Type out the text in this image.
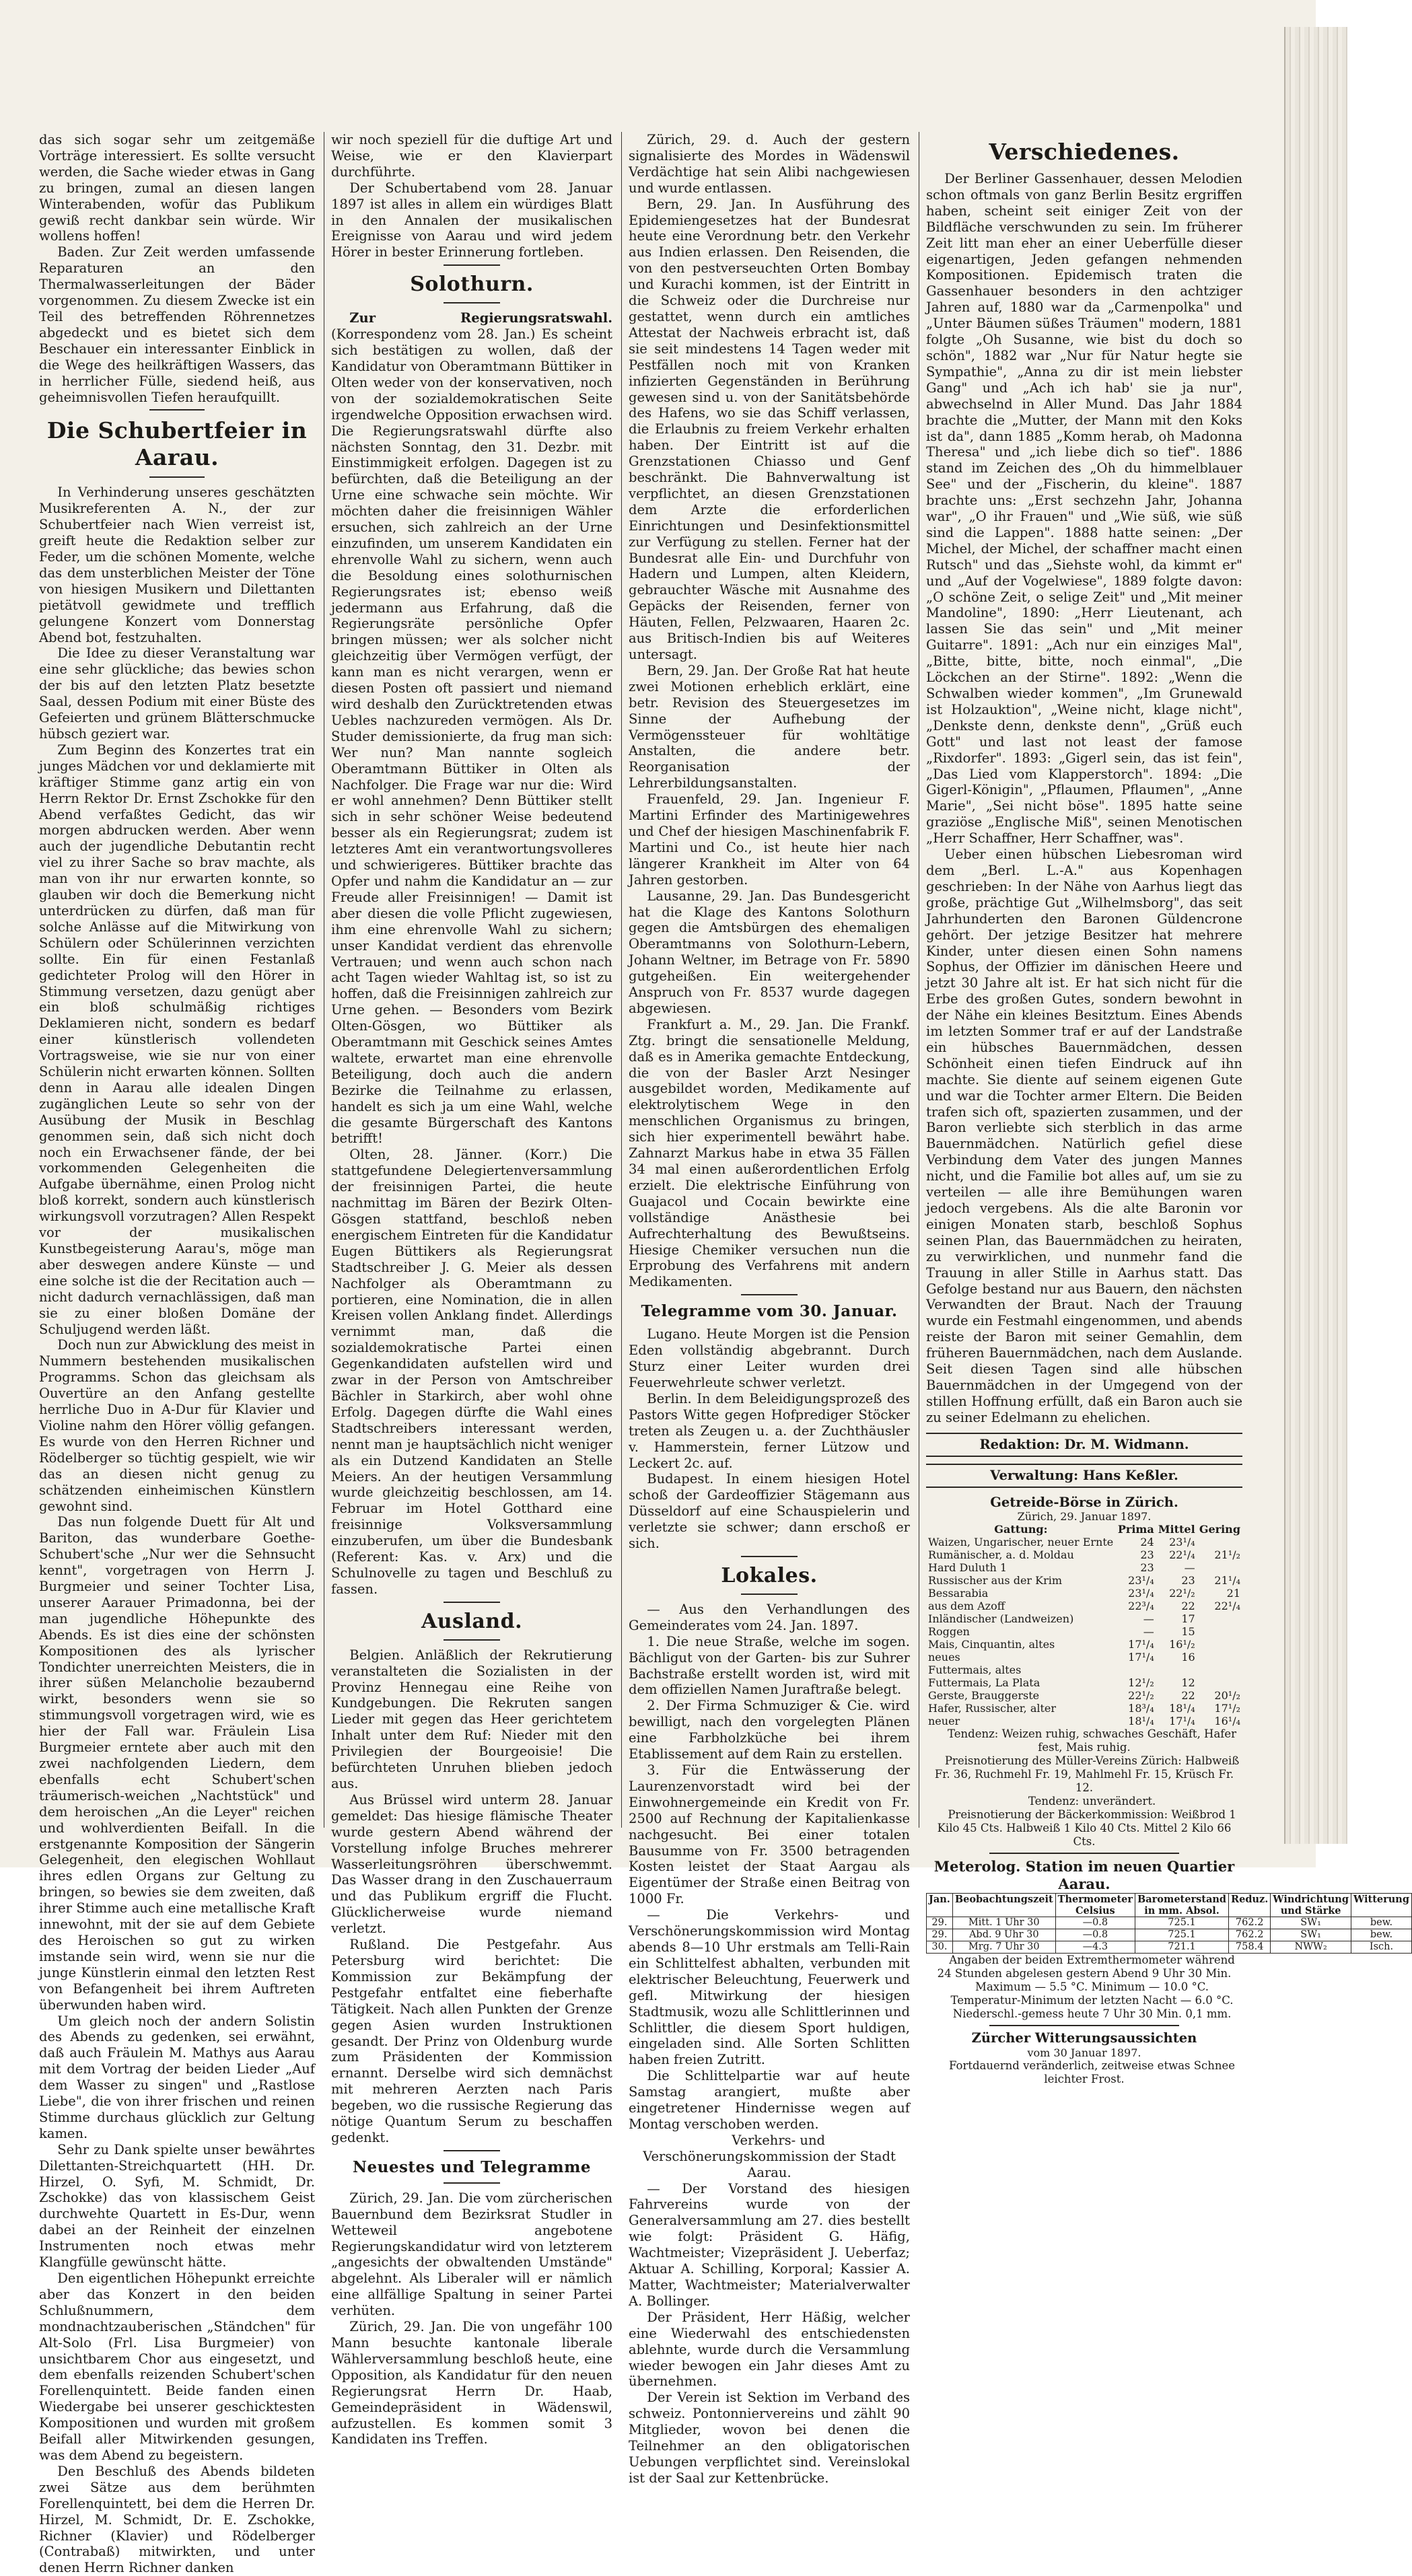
das sich sogar sehr um zeitgemäße Vorträge interessiert. Es sollte versucht werden, die Sache wieder etwas in Gang zu bringen, zumal an diesen langen Winterabenden, wofür das Publikum gewiß recht dankbar sein würde. Wir wollens hoffen!

Baden. Zur Zeit werden umfassende Reparaturen an den Thermalwasserleitungen der Bäder vorgenommen. Zu diesem Zwecke ist ein Teil des betreffenden Röhrennetzes abgedeckt und es bietet sich dem Beschauer ein interessanter Einblick in die Wege des heilkräftigen Wassers, das in herrlicher Fülle, siedend heiß, aus geheimnisvollen Tiefen heraufquillt.

Die Schubertfeier in Aarau.

In Verhinderung unseres geschätzten Musikreferenten A. N., der zur Schubertfeier nach Wien verreist ist, greift heute die Redaktion selber zur Feder, um die schönen Momente, welche das dem unsterblichen Meister der Töne von hiesigen Musikern und Dilettanten pietätvoll gewidmete und trefflich gelungene Konzert vom Donnerstag Abend bot, festzuhalten.

Die Idee zu dieser Veranstaltung war eine sehr glückliche; das bewies schon der bis auf den letzten Platz besetzte Saal, dessen Podium mit einer Büste des Gefeierten und grünem Blätterschmucke hübsch geziert war.

Zum Beginn des Konzertes trat ein junges Mädchen vor und deklamierte mit kräftiger Stimme ganz artig ein von Herrn Rektor Dr. Ernst Zschokke für den Abend verfaßtes Gedicht, das wir morgen abdrucken werden. Aber wenn auch der jugendliche Debutantin recht viel zu ihrer Sache so brav machte, als man von ihr nur erwarten konnte, so glauben wir doch die Bemerkung nicht unterdrücken zu dürfen, daß man für solche Anlässe auf die Mitwirkung von Schülern oder Schülerinnen verzichten sollte. Ein für einen Festanlaß gedichteter Prolog will den Hörer in Stimmung versetzen, dazu genügt aber ein bloß schulmäßig richtiges Deklamieren nicht, sondern es bedarf einer künstlerisch vollendeten Vortragsweise, wie sie nur von einer Schülerin nicht erwarten können. Sollten denn in Aarau alle idealen Dingen zugänglichen Leute so sehr von der Ausübung der Musik in Beschlag genommen sein, daß sich nicht doch noch ein Erwachsener fände, der bei vorkommenden Gelegenheiten die Aufgabe übernähme, einen Prolog nicht bloß korrekt, sondern auch künstlerisch wirkungsvoll vorzutragen? Allen Respekt vor der musikalischen Kunstbegeisterung Aarau's, möge man aber deswegen andere Künste — und eine solche ist die der Recitation auch — nicht dadurch vernachlässigen, daß man sie zu einer bloßen Domäne der Schuljugend werden läßt.

Doch nun zur Abwicklung des meist in Nummern bestehenden musikalischen Programms. Schon das gleichsam als Ouvertüre an den Anfang gestellte herrliche Duo in A-Dur für Klavier und Violine nahm den Hörer völlig gefangen. Es wurde von den Herren Richner und Rödelberger so tüchtig gespielt, wie wir das an diesen nicht genug zu schätzenden einheimischen Künstlern gewohnt sind.

Das nun folgende Duett für Alt und Bariton, das wunderbare Goethe-Schubert'sche „Nur wer die Sehnsucht kennt", vorgetragen von Herrn J. Burgmeier und seiner Tochter Lisa, unserer Aarauer Primadonna, bei der man jugendliche Höhepunkte des Abends. Es ist dies eine der schönsten Kompositionen des als lyrischer Tondichter unerreichten Meisters, die in ihrer süßen Melancholie bezaubernd wirkt, besonders wenn sie so stimmungsvoll vorgetragen wird, wie es hier der Fall war. Fräulein Lisa Burgmeier erntete aber auch mit den zwei nachfolgenden Liedern, dem ebenfalls echt Schubert'schen träumerisch-weichen „Nachtstück" und dem heroischen „An die Leyer" reichen und wohlverdienten Beifall. In die erstgenannte Komposition der Sängerin Gelegenheit, den elegischen Wohllaut ihres edlen Organs zur Geltung zu bringen, so bewies sie dem zweiten, daß ihrer Stimme auch eine metallische Kraft innewohnt, mit der sie auf dem Gebiete des Heroischen so gut zu wirken imstande sein wird, wenn sie nur die junge Künstlerin einmal den letzten Rest von Befangenheit bei ihrem Auftreten überwunden haben wird.

Um gleich noch der andern Solistin des Abends zu gedenken, sei erwähnt, daß auch Fräulein M. Mathys aus Aarau mit dem Vortrag der beiden Lieder „Auf dem Wasser zu singen" und „Rastlose Liebe", die von ihrer frischen und reinen Stimme durchaus glücklich zur Geltung kamen.

Sehr zu Dank spielte unser bewährtes Dilettanten-Streichquartett (HH. Dr. Hirzel, O. Syfi, M. Schmidt, Dr. Zschokke) das von klassischem Geist durchwehte Quartett in Es-Dur, wenn dabei an der Reinheit der einzelnen Instrumenten noch etwas mehr Klangfülle gewünscht hätte.

Den eigentlichen Höhepunkt erreichte aber das Konzert in den beiden Schlußnummern, dem mondnachtzauberischen „Ständchen" für Alt-Solo (Frl. Lisa Burgmeier) von unsichtbarem Chor aus eingesetzt, und dem ebenfalls reizenden Schubert'schen Forellenquintett. Beide fanden einen Wiedergabe bei unserer geschicktesten Kompositionen und wurden mit großem Beifall aller Mitwirkenden gesungen, was dem Abend zu begeistern.

Den Beschluß des Abends bildeten zwei Sätze aus dem berühmten Forellenquintett, bei dem die Herren Dr. Hirzel, M. Schmidt, Dr. E. Zschokke, Richner (Klavier) und Rödelberger (Contrabaß) mitwirkten, und unter denen Herrn Richner danken

wir noch speziell für die duftige Art und Weise, wie er den Klavierpart durchführte.

Der Schubertabend vom 28. Januar 1897 ist alles in allem ein würdiges Blatt in den Annalen der musikalischen Ereignisse von Aarau und wird jedem Hörer in bester Erinnerung fortleben.

Solothurn.

Zur Regierungsratswahl. (Korrespondenz vom 28. Jan.) Es scheint sich bestätigen zu wollen, daß der Kandidatur von Oberamtmann Büttiker in Olten weder von der konservativen, noch von der sozialdemokratischen Seite irgendwelche Opposition erwachsen wird. Die Regierungsratswahl dürfte also nächsten Sonntag, den 31. Dezbr. mit Einstimmigkeit erfolgen. Dagegen ist zu befürchten, daß die Beteiligung an der Urne eine schwache sein möchte. Wir möchten daher die freisinnigen Wähler ersuchen, sich zahlreich an der Urne einzufinden, um unserem Kandidaten ein ehrenvolle Wahl zu sichern, wenn auch die Besoldung eines solothurnischen Regierungsrates ist; ebenso weiß jedermann aus Erfahrung, daß die Regierungsräte persönliche Opfer bringen müssen; wer als solcher nicht gleichzeitig über Vermögen verfügt, der kann man es nicht verargen, wenn er diesen Posten oft passiert und niemand wird deshalb den Zurücktretenden etwas Uebles nachzureden vermögen. Als Dr. Studer demissionierte, da frug man sich: Wer nun? Man nannte sogleich Oberamtmann Büttiker in Olten als Nachfolger. Die Frage war nur die: Wird er wohl annehmen? Denn Büttiker stellt sich in sehr schöner Weise bedeutend besser als ein Regierungsrat; zudem ist letzteres Amt ein verantwortungsvolleres und schwierigeres. Büttiker brachte das Opfer und nahm die Kandidatur an — zur Freude aller Freisinnigen! — Damit ist aber diesen die volle Pflicht zugewiesen, ihm eine ehrenvolle Wahl zu sichern; unser Kandidat verdient das ehrenvolle Vertrauen; und wenn auch schon nach acht Tagen wieder Wahltag ist, so ist zu hoffen, daß die Freisinnigen zahlreich zur Urne gehen. — Besonders vom Bezirk Olten-Gösgen, wo Büttiker als Oberamtmann mit Geschick seines Amtes waltete, erwartet man eine ehrenvolle Beteiligung, doch auch die andern Bezirke die Teilnahme zu erlassen, handelt es sich ja um eine Wahl, welche die gesamte Bürgerschaft des Kantons betrifft!

Olten, 28. Jänner. (Korr.) Die stattgefundene Delegiertenversammlung der freisinnigen Partei, die heute nachmittag im Bären der Bezirk Olten-Gösgen stattfand, beschloß neben energischem Eintreten für die Kandidatur Eugen Büttikers als Regierungsrat Stadtschreiber J. G. Meier als dessen Nachfolger als Oberamtmann zu portieren, eine Nomination, die in allen Kreisen vollen Anklang findet. Allerdings vernimmt man, daß die sozialdemokratische Partei einen Gegenkandidaten aufstellen wird und zwar in der Person von Amtschreiber Bächler in Starkirch, aber wohl ohne Erfolg. Dagegen dürfte die Wahl eines Stadtschreibers interessant werden, nennt man je hauptsächlich nicht weniger als ein Dutzend Kandidaten an Stelle Meiers. An der heutigen Versammlung wurde gleichzeitig beschlossen, am 14. Februar im Hotel Gotthard eine freisinnige Volksversammlung einzuberufen, um über die Bundesbank (Referent: Kas. v. Arx) und die Schulnovelle zu tagen und Beschluß zu fassen.

Ausland.

Belgien. Anläßlich der Rekrutierung veranstalteten die Sozialisten in der Provinz Hennegau eine Reihe von Kundgebungen. Die Rekruten sangen Lieder mit gegen das Heer gerichtetem Inhalt unter dem Ruf: Nieder mit den Privilegien der Bourgeoisie! Die befürchteten Unruhen blieben jedoch aus.

Aus Brüssel wird unterm 28. Januar gemeldet: Das hiesige flämische Theater wurde gestern Abend während der Vorstellung infolge Bruches mehrerer Wasserleitungsröhren überschwemmt. Das Wasser drang in den Zuschauerraum und das Publikum ergriff die Flucht. Glücklicherweise wurde niemand verletzt.

Rußland. Die Pestgefahr. Aus Petersburg wird berichtet: Die Kommission zur Bekämpfung der Pestgefahr entfaltet eine fieberhafte Tätigkeit. Nach allen Punkten der Grenze gegen Asien wurden Instruktionen gesandt. Der Prinz von Oldenburg wurde zum Präsidenten der Kommission ernannt. Derselbe wird sich demnächst mit mehreren Aerzten nach Paris begeben, wo die russische Regierung das nötige Quantum Serum zu beschaffen gedenkt.

Neuestes und Telegramme

Zürich, 29. Jan. Die vom zürcherischen Bauernbund dem Bezirksrat Studler in Wetteweil angebotene Regierungskandidatur wird von letzterem „angesichts der obwaltenden Umstände" abgelehnt. Als Liberaler will er nämlich eine allfällige Spaltung in seiner Partei verhüten.

Zürich, 29. Jan. Die von ungefähr 100 Mann besuchte kantonale liberale Wählerversammlung beschloß heute, eine Opposition, als Kandidatur für den neuen Regierungsrat Herrn Dr. Haab, Gemeindepräsident in Wädenswil, aufzustellen. Es kommen somit 3 Kandidaten ins Treffen.

Zürich, 29. d. Auch der gestern signalisierte des Mordes in Wädenswil Verdächtige hat sein Alibi nachgewiesen und wurde entlassen.

Bern, 29. Jan. In Ausführung des Epidemiengesetzes hat der Bundesrat heute eine Verordnung betr. den Verkehr aus Indien erlassen. Den Reisenden, die von den pestverseuchten Orten Bombay und Kurachi kommen, ist der Eintritt in die Schweiz oder die Durchreise nur gestattet, wenn durch ein amtliches Attestat der Nachweis erbracht ist, daß sie seit mindestens 14 Tagen weder mit Pestfällen noch mit von Kranken infizierten Gegenständen in Berührung gewesen sind u. von der Sanitätsbehörde des Hafens, wo sie das Schiff verlassen, die Erlaubnis zu freiem Verkehr erhalten haben. Der Eintritt ist auf die Grenzstationen Chiasso und Genf beschränkt. Die Bahnverwaltung ist verpflichtet, an diesen Grenzstationen dem Arzte die erforderlichen Einrichtungen und Desinfektionsmittel zur Verfügung zu stellen. Ferner hat der Bundesrat alle Ein- und Durchfuhr von Hadern und Lumpen, alten Kleidern, gebrauchter Wäsche mit Ausnahme des Gepäcks der Reisenden, ferner von Häuten, Fellen, Pelzwaaren, Haaren 2c. aus Britisch-Indien bis auf Weiteres untersagt.

Bern, 29. Jan. Der Große Rat hat heute zwei Motionen erheblich erklärt, eine betr. Revision des Steuergesetzes im Sinne der Aufhebung der Vermögenssteuer für wohltätige Anstalten, die andere betr. Reorganisation der Lehrerbildungsanstalten.

Frauenfeld, 29. Jan. Ingenieur F. Martini Erfinder des Martinigewehres und Chef der hiesigen Maschinenfabrik F. Martini und Co., ist heute hier nach längerer Krankheit im Alter von 64 Jahren gestorben.

Lausanne, 29. Jan. Das Bundesgericht hat die Klage des Kantons Solothurn gegen die Amtsbürgen des ehemaligen Oberamtmanns von Solothurn-Lebern, Johann Weltner, im Betrage von Fr. 5890 gutgeheißen. Ein weitergehender Anspruch von Fr. 8537 wurde dagegen abgewiesen.

Frankfurt a. M., 29. Jan. Die Frankf. Ztg. bringt die sensationelle Meldung, daß es in Amerika gemachte Entdeckung, die von der Basler Arzt Nesinger ausgebildet worden, Medikamente auf elektrolytischem Wege in den menschlichen Organismus zu bringen, sich hier experimentell bewährt habe. Zahnarzt Markus habe in etwa 35 Fällen 34 mal einen außerordentlichen Erfolg erzielt. Die elektrische Einführung von Guajacol und Cocain bewirkte eine vollständige Anästhesie bei Aufrechterhaltung des Bewußtseins. Hiesige Chemiker versuchen nun die Erprobung des Verfahrens mit andern Medikamenten.

Telegramme vom 30. Januar.

Lugano. Heute Morgen ist die Pension Eden vollständig abgebrannt. Durch Sturz einer Leiter wurden drei Feuerwehrleute schwer verletzt.

Berlin. In dem Beleidigungsprozeß des Pastors Witte gegen Hofprediger Stöcker treten als Zeugen u. a. der Zuchthäusler v. Hammerstein, ferner Lützow und Leckert 2c. auf.

Budapest. In einem hiesigen Hotel schoß der Gardeoffizier Stägemann aus Düsseldorf auf eine Schauspielerin und verletzte sie schwer; dann erschoß er sich.

Lokales.

— Aus den Verhandlungen des Gemeinderates vom 24. Jan. 1897.

1. Die neue Straße, welche im sogen. Bächligut von der Garten- bis zur Suhrer Bachstraße erstellt worden ist, wird mit dem offiziellen Namen Juraftraße belegt.

2. Der Firma Schmuziger & Cie. wird bewilligt, nach den vorgelegten Plänen eine Farbholzküche bei ihrem Etablissement auf dem Rain zu erstellen.

3. Für die Entwässerung der Laurenzenvorstadt wird bei der Einwohnergemeinde ein Kredit von Fr. 2500 auf Rechnung der Kapitalienkasse nachgesucht. Bei einer totalen Bausumme von Fr. 3500 betragenden Kosten leistet der Staat Aargau als Eigentümer der Straße einen Beitrag von 1000 Fr.

— Die Verkehrs- und Verschönerungskommission wird Montag abends 8—10 Uhr erstmals am Telli-Rain ein Schlittelfest abhalten, verbunden mit elektrischer Beleuchtung, Feuerwerk und gefl. Mitwirkung der hiesigen Stadtmusik, wozu alle Schlittlerinnen und Schlittler, die diesem Sport huldigen, eingeladen sind. Alle Sorten Schlitten haben freien Zutritt.

Die Schlittelpartie war auf heute Samstag arangiert, mußte aber eingetretener Hindernisse wegen auf Montag verschoben werden.

Verkehrs- und Verschönerungskommission der Stadt Aarau.

— Der Vorstand des hiesigen Fahrvereins wurde von der Generalversammlung am 27. dies bestellt wie folgt: Präsident G. Häfig, Wachtmeister; Vizepräsident J. Ueberfaz; Aktuar A. Schilling, Korporal; Kassier A. Matter, Wachtmeister; Materialverwalter A. Bollinger.

Der Präsident, Herr Häßig, welcher eine Wiederwahl des entschiedensten ablehnte, wurde durch die Versammlung wieder bewogen ein Jahr dieses Amt zu übernehmen.

Der Verein ist Sektion im Verband des schweiz. Pontonniervereins und zählt 90 Mitglieder, wovon bei denen die Teilnehmer an den obligatorischen Uebungen verpflichtet sind. Vereinslokal ist der Saal zur Kettenbrücke.

Verschiedenes.

Der Berliner Gassenhauer, dessen Melodien schon oftmals von ganz Berlin Besitz ergriffen haben, scheint seit einiger Zeit von der Bildfläche verschwunden zu sein. Im früherer Zeit litt man eher an einer Ueberfülle dieser eigenartigen, Jeden gefangen nehmenden Kompositionen. Epidemisch traten die Gassenhauer besonders in den achtziger Jahren auf, 1880 war da „Carmenpolka" und „Unter Bäumen süßes Träumen" modern, 1881 folgte „Oh Susanne, wie bist du doch so schön", 1882 war „Nur für Natur hegte sie Sympathie", „Anna zu dir ist mein liebster Gang" und „Ach ich hab' sie ja nur", abwechselnd in Aller Mund. Das Jahr 1884 brachte die „Mutter, der Mann mit den Koks ist da", dann 1885 „Komm herab, oh Madonna Theresa" und „ich liebe dich so tief". 1886 stand im Zeichen des „Oh du himmelblauer See" und der „Fischerin, du kleine". 1887 brachte uns: „Erst sechzehn Jahr, Johanna war", „O ihr Frauen" und „Wie süß, wie süß sind die Lappen". 1888 hatte seinen: „Der Michel, der Michel, der schaffner macht einen Rutsch" und das „Siehste wohl, da kimmt er" und „Auf der Vogelwiese", 1889 folgte davon: „O schöne Zeit, o selige Zeit" und „Mit meiner Mandoline", 1890: „Herr Lieutenant, ach lassen Sie das sein" und „Mit meiner Guitarre". 1891: „Ach nur ein einziges Mal", „Bitte, bitte, bitte, noch einmal", „Die Löckchen an der Stirne". 1892: „Wenn die Schwalben wieder kommen", „Im Grunewald ist Holzauktion", „Weine nicht, klage nicht", „Denkste denn, denkste denn", „Grüß euch Gott" und last not least der famose „Rixdorfer". 1893: „Gigerl sein, das ist fein", „Das Lied vom Klapperstorch". 1894: „Die Gigerl-Königin", „Pflaumen, Pflaumen", „Anne Marie", „Sei nicht böse". 1895 hatte seine graziöse „Englische Miß", seinen Menotischen „Herr Schaffner, Herr Schaffner, was".

Ueber einen hübschen Liebesroman wird dem „Berl. L.-A." aus Kopenhagen geschrieben: In der Nähe von Aarhus liegt das große, prächtige Gut „Wilhelmsborg", das seit Jahrhunderten den Baronen Güldencrone gehört. Der jetzige Besitzer hat mehrere Kinder, unter diesen einen Sohn namens Sophus, der Offizier im dänischen Heere und jetzt 30 Jahre alt ist. Er hat sich nicht für die Erbe des großen Gutes, sondern bewohnt in der Nähe ein kleines Besitztum. Eines Abends im letzten Sommer traf er auf der Landstraße ein hübsches Bauernmädchen, dessen Schönheit einen tiefen Eindruck auf ihn machte. Sie diente auf seinem eigenen Gute und war die Tochter armer Eltern. Die Beiden trafen sich oft, spazierten zusammen, und der Baron verliebte sich sterblich in das arme Bauernmädchen. Natürlich gefiel diese Verbindung dem Vater des jungen Mannes nicht, und die Familie bot alles auf, um sie zu verteilen — alle ihre Bemühungen waren jedoch vergebens. Als die alte Baronin vor einigen Monaten starb, beschloß Sophus seinen Plan, das Bauernmädchen zu heiraten, zu verwirklichen, und nunmehr fand die Trauung in aller Stille in Aarhus statt. Das Gefolge bestand nur aus Bauern, den nächsten Verwandten der Braut. Nach der Trauung wurde ein Festmahl eingenommen, und abends reiste der Baron mit seiner Gemahlin, dem früheren Bauernmädchen, nach dem Auslande. Seit diesen Tagen sind alle hübschen Bauernmädchen in der Umgegend von der stillen Hoffnung erfüllt, daß ein Baron auch sie zu seiner Edelmann zu ehelichen.

Redaktion: Dr. M. Widmann.
Verwaltung: Hans Keßler.
Getreide-Börse in Zürich.
Zürich, 29. Januar 1897.
Gattung:	Prima	Mittel	Gering
Waizen, Ungarischer, neuer Ernte	24	23¹/₄	
Rumänischer, a. d. Moldau	23	22¹/₄	21¹/₂
Hard Duluth 1	23	—	
Russischer aus der Krim	23¹/₄	23	21¹/₄
Bessarabia	23¹/₄	22¹/₂	21
aus dem Azoff	22³/₄	22	22¹/₄
Inländischer (Landweizen)	—	17	
Roggen	—	15	
Mais, Cinquantin, altes	17¹/₄	16¹/₂	
neues	17¹/₄	16	
Futtermais, altes			
Futtermais, La Plata	12¹/₂	12	
Gerste, Brauggerste	22¹/₂	22	20¹/₂
Hafer, Russischer, alter	18³/₄	18¹/₄	17¹/₂
neuer	18¹/₄	17¹/₄	16¹/₄

Tendenz: Weizen ruhig, schwaches Geschäft, Hafer fest, Mais ruhig.

Preisnotierung des Müller-Vereins Zürich: Halbweiß Fr. 36, Ruchmehl Fr. 19, Mahlmehl Fr. 15, Krüsch Fr. 12.

Tendenz: unverändert.

Preisnotierung der Bäckerkommission: Weißbrod 1 Kilo 45 Cts. Halbweiß 1 Kilo 40 Cts. Mittel 2 Kilo 66 Cts.

Meterolog. Station im neuen Quartier Aarau.
Jan.	Beobachtungszeit	Thermometer Celsius	Barometerstand in mm. Absol.	Reduz.	Windrichtung und Stärke	Witterung
29.	Mitt. 1 Uhr 30	—0.8	725.1	762.2	SW₁	bew.
29.	Abd. 9 Uhr 30	—0.8	725.1	762.2	SW₁	bew.
30.	Mrg. 7 Uhr 30	—4.3	721.1	758.4	NWW₂	Isch.

Angaben der beiden Extremthermometer während 24 Stunden abgelesen gestern Abend 9 Uhr 30 Min.

Maximum — 5.5 °C. Minimum — 10.0 °C.

Temperatur-Minimum der letzten Nacht — 6.0 °C.

Niederschl.-gemess heute 7 Uhr 30 Min. 0,1 mm.

Zürcher Witterungsaussichten
vom 30 Januar 1897.

Fortdauernd veränderlich, zeitweise etwas Schnee leichter Frost.
